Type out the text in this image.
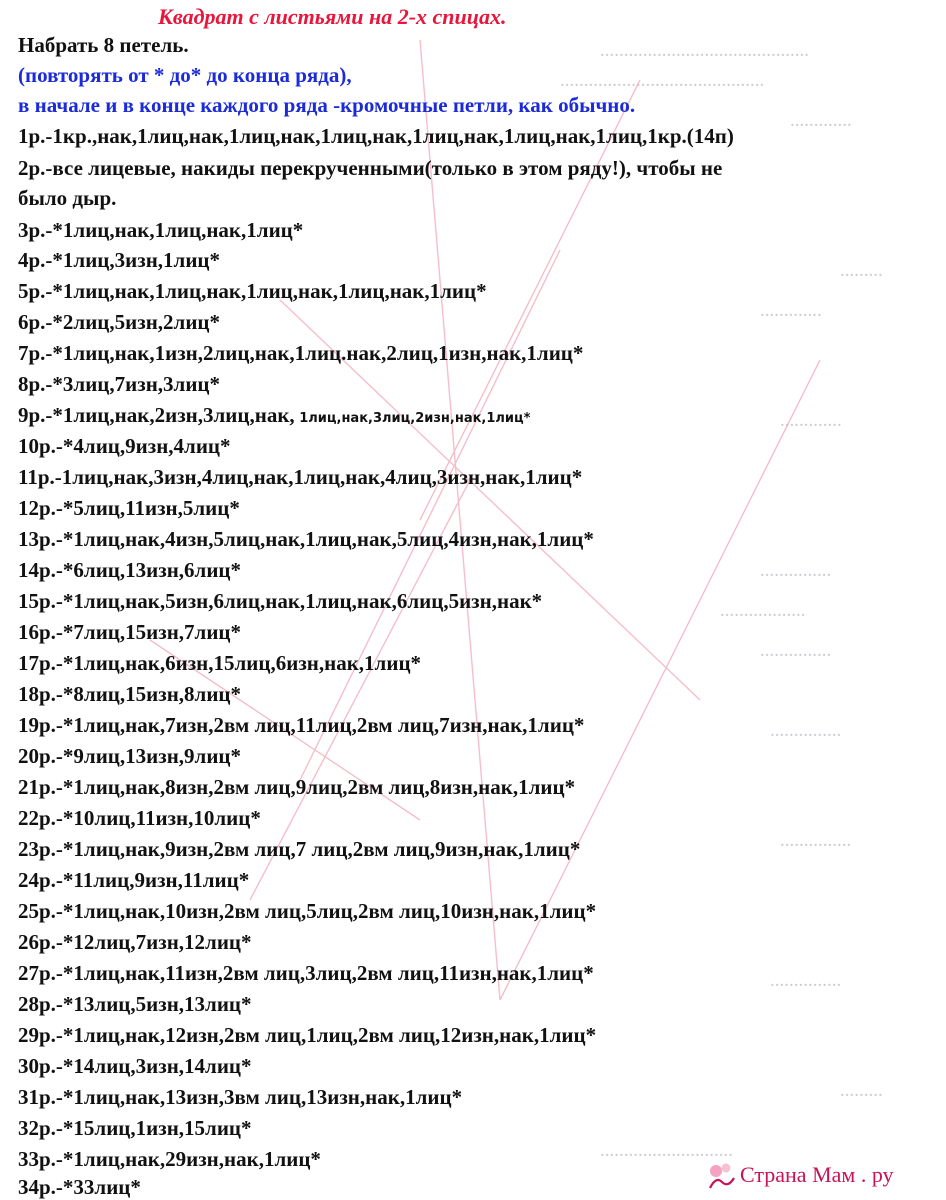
............................................
...........................................
.............
.........
.............
.............
...............
..................
...............
...............
...............
...............
.........
............................
Квадрат с листьями на 2-х спицах.
Набрать 8 петель.
(повторять от * до* до конца ряда),
в начале и в конце каждого ряда -кромочные петли, как обычно.
1р.-1кр.,нак,1лиц,нак,1лиц,нак,1лиц,нак,1лиц,нак,1лиц,нак,1лиц,1кр.(14п)
2р.-все лицевые, накиды перекрученными(только в этом ряду!), чтобы не
было дыр.
3р.-*1лиц,нак,1лиц,нак,1лиц*
4р.-*1лиц,3изн,1лиц*
5р.-*1лиц,нак,1лиц,нак,1лиц,нак,1лиц,нак,1лиц*
6р.-*2лиц,5изн,2лиц*
7р.-*1лиц,нак,1изн,2лиц,нак,1лиц.нак,2лиц,1изн,нак,1лиц*
8р.-*3лиц,7изн,3лиц*
9р.-*1лиц,нак,2изн,3лиц,нак, 1лиц,нак,3лиц,2изн,нак,1лиц*
10р.-*4лиц,9изн,4лиц*
11р.-1лиц,нак,3изн,4лиц,нак,1лиц,нак,4лиц,3изн,нак,1лиц*
12р.-*5лиц,11изн,5лиц*
13р.-*1лиц,нак,4изн,5лиц,нак,1лиц,нак,5лиц,4изн,нак,1лиц*
14р.-*6лиц,13изн,6лиц*
15р.-*1лиц,нак,5изн,6лиц,нак,1лиц,нак,6лиц,5изн,нак*
16р.-*7лиц,15изн,7лиц*
17р.-*1лиц,нак,6изн,15лиц,6изн,нак,1лиц*
18р.-*8лиц,15изн,8лиц*
19р.-*1лиц,нак,7изн,2вм лиц,11лиц,2вм лиц,7изн,нак,1лиц*
20р.-*9лиц,13изн,9лиц*
21р.-*1лиц,нак,8изн,2вм лиц,9лиц,2вм лиц,8изн,нак,1лиц*
22р.-*10лиц,11изн,10лиц*
23р.-*1лиц,нак,9изн,2вм лиц,7 лиц,2вм лиц,9изн,нак,1лиц*
24р.-*11лиц,9изн,11лиц*
25р.-*1лиц,нак,10изн,2вм лиц,5лиц,2вм лиц,10изн,нак,1лиц*
26р.-*12лиц,7изн,12лиц*
27р.-*1лиц,нак,11изн,2вм лиц,3лиц,2вм лиц,11изн,нак,1лиц*
28р.-*13лиц,5изн,13лиц*
29р.-*1лиц,нак,12изн,2вм лиц,1лиц,2вм лиц,12изн,нак,1лиц*
30р.-*14лиц,3изн,14лиц*
31р.-*1лиц,нак,13изн,3вм лиц,13изн,нак,1лиц*
32р.-*15лиц,1изн,15лиц*
33р.-*1лиц,нак,29изн,нак,1лиц*
34р.-*33лиц*	Страна Мам . ру
